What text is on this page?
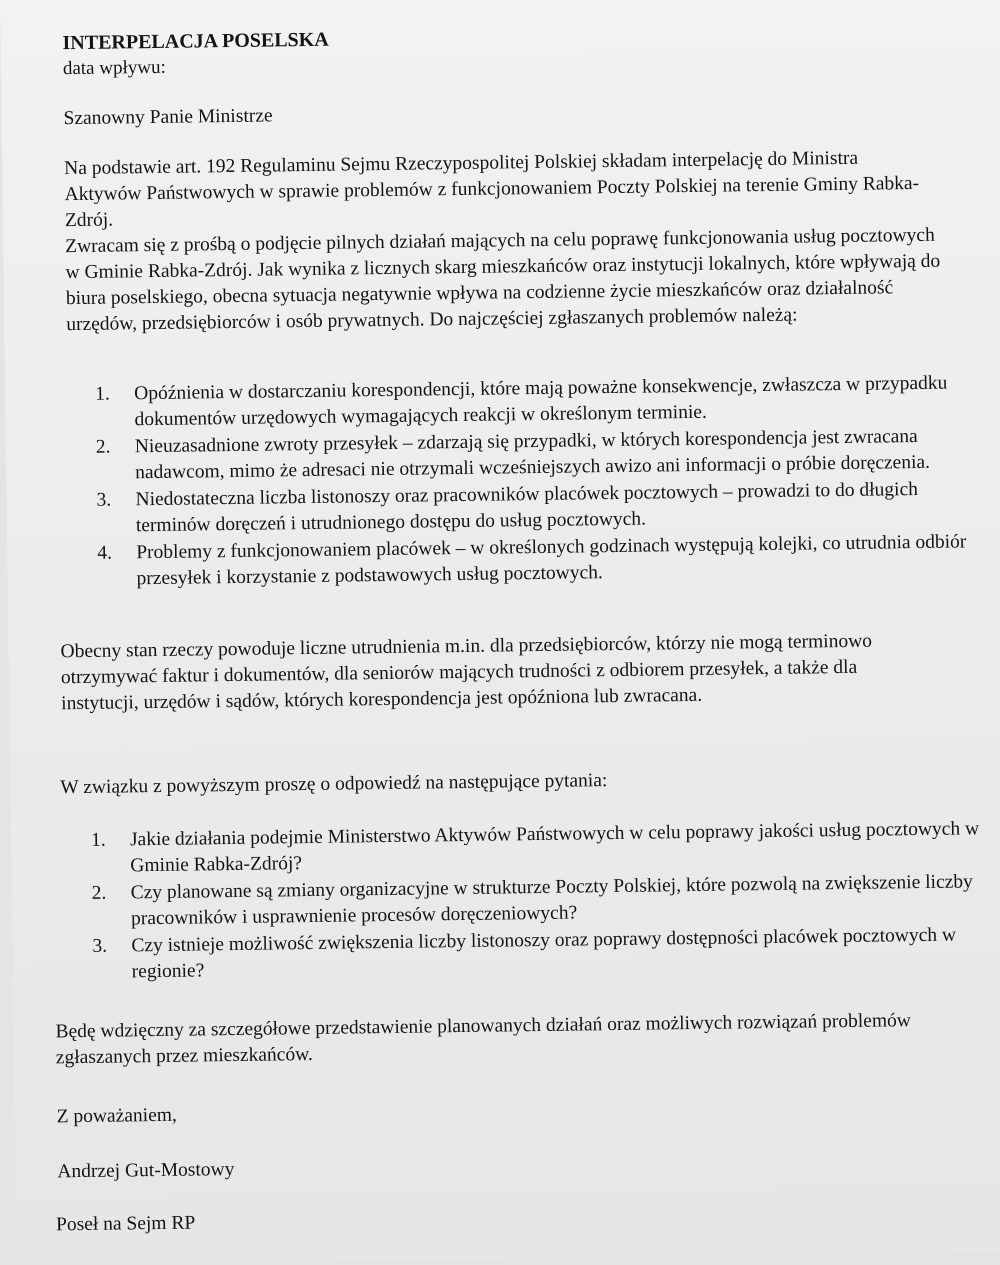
INTERPELACJA POSELSKA
data wpływu:
Szanowny Panie Ministrze

Na podstawie art. 192 Regulaminu Sejmu Rzeczypospolitej Polskiej składam interpelację do Ministra Aktywów Państwowych w sprawie problemów z funkcjonowaniem Poczty Polskiej na terenie Gminy Rabka-Zdrój.

Zwracam się z prośbą o podjęcie pilnych działań mających na celu poprawę funkcjonowania usług pocztowych w Gminie Rabka-Zdrój. Jak wynika z licznych skarg mieszkańców oraz instytucji lokalnych, które wpływają do biura poselskiego, obecna sytuacja negatywnie wpływa na codzienne życie mieszkańców oraz działalność urzędów, przedsiębiorców i osób prywatnych. Do najczęściej zgłaszanych problemów należą:

1. Opóźnienia w dostarczaniu korespondencji, które mają poważne konsekwencje, zwłaszcza w przypadku dokumentów urzędowych wymagających reakcji w określonym terminie.
2. Nieuzasadnione zwroty przesyłek – zdarzają się przypadki, w których korespondencja jest zwracana nadawcom, mimo że adresaci nie otrzymali wcześniejszych awizo ani informacji o próbie doręczenia.
3. Niedostateczna liczba listonoszy oraz pracowników placówek pocztowych – prowadzi to do długich terminów doręczeń i utrudnionego dostępu do usług pocztowych.
4. Problemy z funkcjonowaniem placówek – w określonych godzinach występują kolejki, co utrudnia odbiór przesyłek i korzystanie z podstawowych usług pocztowych.

Obecny stan rzeczy powoduje liczne utrudnienia m.in. dla przedsiębiorców, którzy nie mogą terminowo otrzymywać faktur i dokumentów, dla seniorów mających trudności z odbiorem przesyłek, a także dla instytucji, urzędów i sądów, których korespondencja jest opóźniona lub zwracana.

W związku z powyższym proszę o odpowiedź na następujące pytania:
1. Jakie działania podejmie Ministerstwo Aktywów Państwowych w celu poprawy jakości usług pocztowych w Gminie Rabka-Zdrój?
2. Czy planowane są zmiany organizacyjne w strukturze Poczty Polskiej, które pozwolą na zwiększenie liczby pracowników i usprawnienie procesów doręczeniowych?
3. Czy istnieje możliwość zwiększenia liczby listonoszy oraz poprawy dostępności placówek pocztowych w regionie?

Będę wdzięczny za szczegółowe przedstawienie planowanych działań oraz możliwych rozwiązań problemów zgłaszanych przez mieszkańców.

Z poważaniem,
Andrzej Gut-Mostowy
Poseł na Sejm RP
